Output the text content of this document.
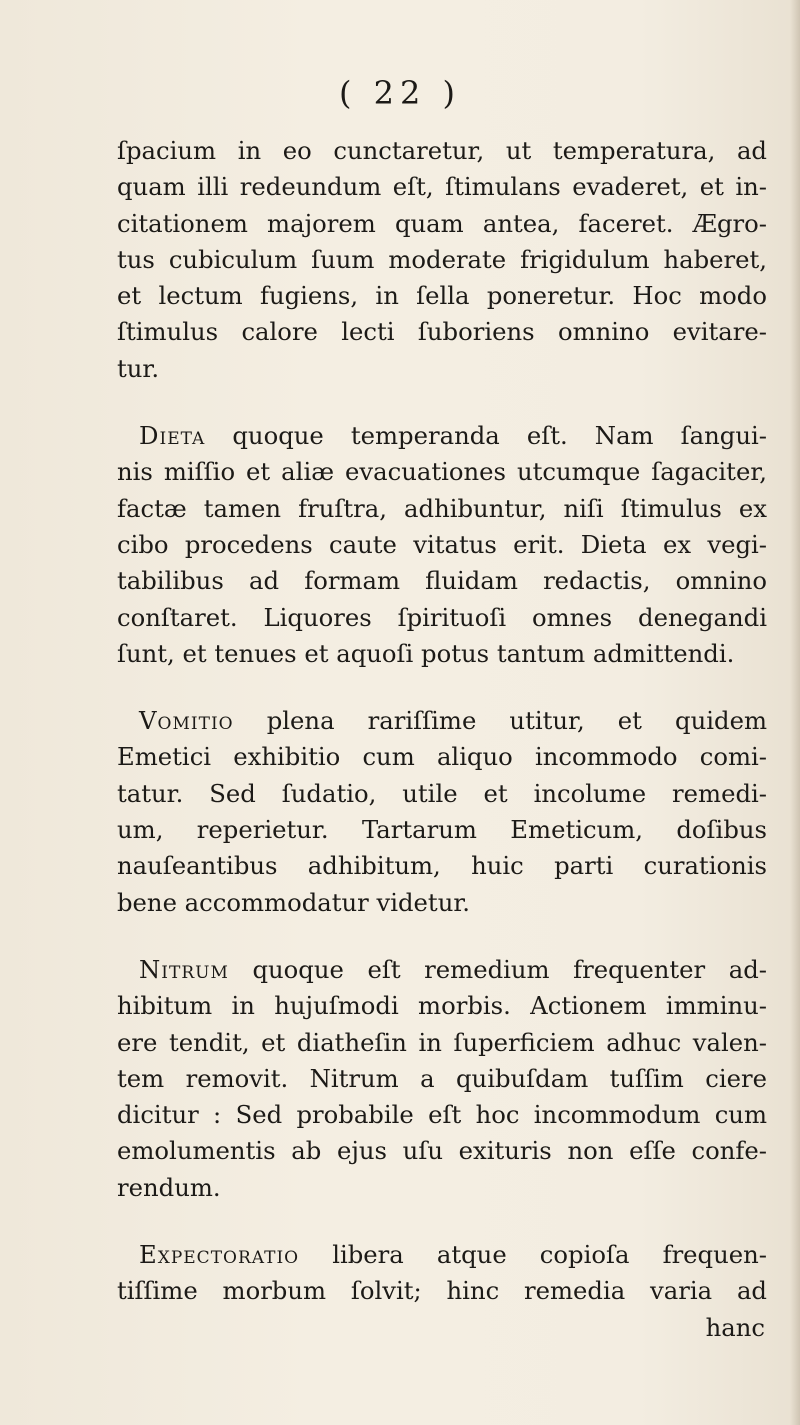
( 22 )
ſpacium in eo cunctaretur, ut temperatura, ad
quam illi redeundum eſt, ſtimulans evaderet, et in-
citationem majorem quam antea, faceret. Ægro-
tus cubiculum ſuum moderate frigidulum haberet,
et lectum fugiens, in ſella poneretur. Hoc modo
ſtimulus calore lecti ſuboriens omnino evitare-
tur.
Dieta quoque temperanda eſt. Nam ſangui-
nis miſſio et aliæ evacuationes utcumque ſagaciter,
factæ tamen fruſtra, adhibuntur, niſi ſtimulus ex
cibo procedens caute vitatus erit. Dieta ex vegi-
tabilibus ad formam fluidam redactis, omnino
conſtaret. Liquores ſpirituoſi omnes denegandi
ſunt, et tenues et aquoſi potus tantum admittendi.
Vomitio plena rariſſime utitur, et quidem
Emetici exhibitio cum aliquo incommodo comi-
tatur. Sed ſudatio, utile et incolume remedi-
um, reperietur. Tartarum Emeticum, doſibus
nauſeantibus adhibitum, huic parti curationis
bene accommodatur videtur.
Nitrum quoque eſt remedium frequenter ad-
hibitum in hujuſmodi morbis. Actionem imminu-
ere tendit, et diatheſin in ſuperficiem adhuc valen-
tem removit. Nitrum a quibuſdam tuſſim ciere
dicitur : Sed probabile eſt hoc incommodum cum
emolumentis ab ejus uſu exituris non eſſe confe-
rendum.
Expectoratio libera atque copioſa frequen-
tiſſime morbum ſolvit; hinc remedia varia ad
hanc
